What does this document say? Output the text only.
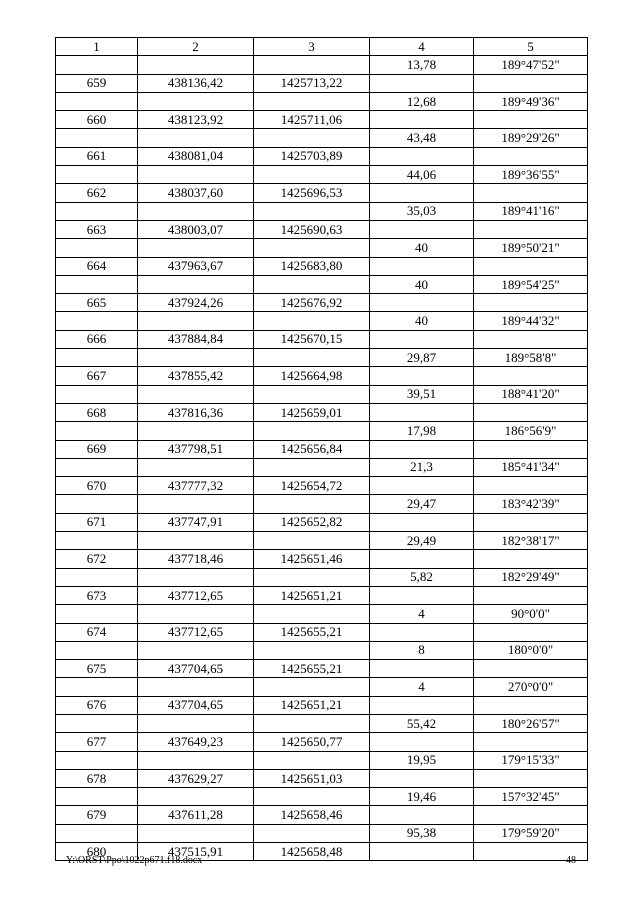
1	2	3	4	5
			13,78	189°47'52"
659	438136,42	1425713,22		
			12,68	189°49'36"
660	438123,92	1425711,06		
			43,48	189°29'26"
661	438081,04	1425703,89		
			44,06	189°36'55"
662	438037,60	1425696,53		
			35,03	189°41'16"
663	438003,07	1425690,63		
			40	189°50'21"
664	437963,67	1425683,80		
			40	189°54'25"
665	437924,26	1425676,92		
			40	189°44'32"
666	437884,84	1425670,15		
			29,87	189°58'8"
667	437855,42	1425664,98		
			39,51	188°41'20"
668	437816,36	1425659,01		
			17,98	186°56'9"
669	437798,51	1425656,84		
			21,3	185°41'34"
670	437777,32	1425654,72		
			29,47	183°42'39"
671	437747,91	1425652,82		
			29,49	182°38'17"
672	437718,46	1425651,46		
			5,82	182°29'49"
673	437712,65	1425651,21		
			4	90°0'0"
674	437712,65	1425655,21		
			8	180°0'0"
675	437704,65	1425655,21		
			4	270°0'0"
676	437704,65	1425651,21		
			55,42	180°26'57"
677	437649,23	1425650,77		
			19,95	179°15'33"
678	437629,27	1425651,03		
			19,46	157°32'45"
679	437611,28	1425658,46		
			95,38	179°59'20"
680	437515,91	1425658,48		
Y:\ORST\Ppo\1022p671.f18.docx	48
